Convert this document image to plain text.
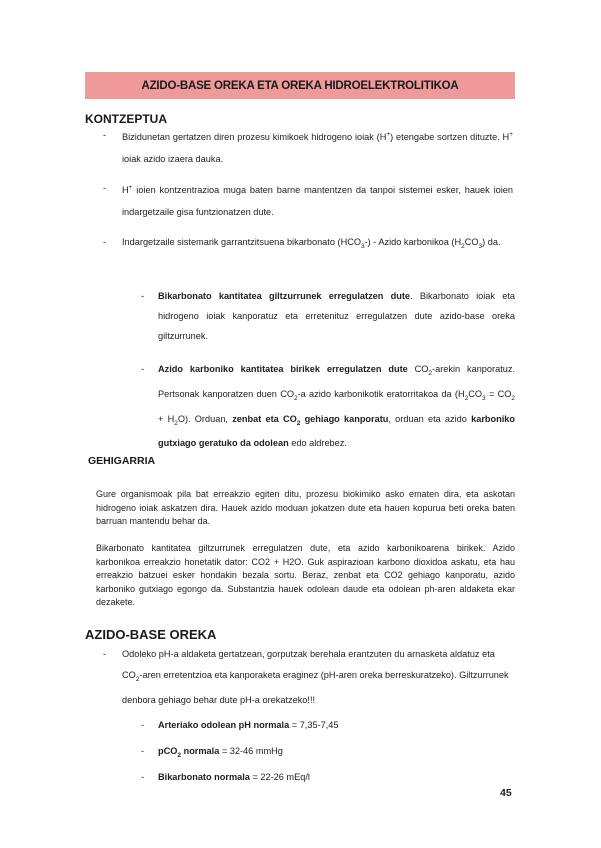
AZIDO-BASE OREKA ETA OREKA HIDROELEKTROLITIKOA
KONTZEPTUA
- Bizidunetan gertatzen diren prozesu kimikoek hidrogeno ioiak (H+) etengabe sortzen dituzte. H+ ioiak azido izaera dauka.
- H+ ioien kontzentrazioa muga baten barne mantentzen da tanpoi sistemei esker, hauek ioien indargetzaile gisa funtzionatzen dute.
- Indargetzaile sistemarik garrantzitsuena bikarbonato $(HCO_3-)$ - Azido karbonikoa $(H_2CO_3)$ da.
- Bikarbonato kantitatea giltzurrunek erregulatzen dute. Bikarbonato ioiak eta hidrogeno ioiak kanporatuz eta erretenituz erregulatzen dute azido-base oreka giltzurrunek.
- Azido karboniko kantitatea birikek erregulatzen dute $CO_2$-arekin kanporatuz. Pertsonak kanporatzen duen $CO_2-a$ azido karbonikotik eratorritakoa da $(H_2CO_3 = CO_2 + H_2O)$. Orduan, zenbat eta $CO_2$ gehiago kanporatu, orduan eta azido karboniko gutxiago geratuko da odolean edo aldrebez.
GEHIGARRIA
Gure organismoak pila bat erreakzio egiten ditu, prozesu biokimiko asko ematen dira, eta askotan hidrogeno ioiak askatzen dira. Hauek azido moduan jokatzen dute eta hauen kopurua beti oreka baten barruan mantendu behar da.
Bikarbonato kantitatea giltzurrunek erregulatzen dute, eta azido karbonikoarena birikek. Azido karbonikoa erreakzio honetatik dator: CO2 + H2O. Guk aspirazioan karbono dioxidoa askatu, eta hau erreakzio batzuei esker hondakin bezala sortu. Beraz, zenbat eta CO2 gehiago kanporatu, azido karboniko gutxiago egongo da. Substantzia hauek odolean daude eta odolean ph-aren aldaketa ekar dezakete.
AZIDO-BASE OREKA
- Odoleko pH-a aldaketa gertatzean, gorputzak berehala erantzuten du arnasketa aldatuz eta $CO_2$-aren erretentzioa eta kanporaketa eraginez (pH-aren oreka berreskuratzeko). Giltzurrunek denbora gehiago behar dute pH-a orekatzeko!!!
- Arteriako odolean pH normala = 7,35-7,45
- pCO$_2$ normala = 32-46 mmHg
- Bikarbonato normala = 22-26 mEq/l
45
